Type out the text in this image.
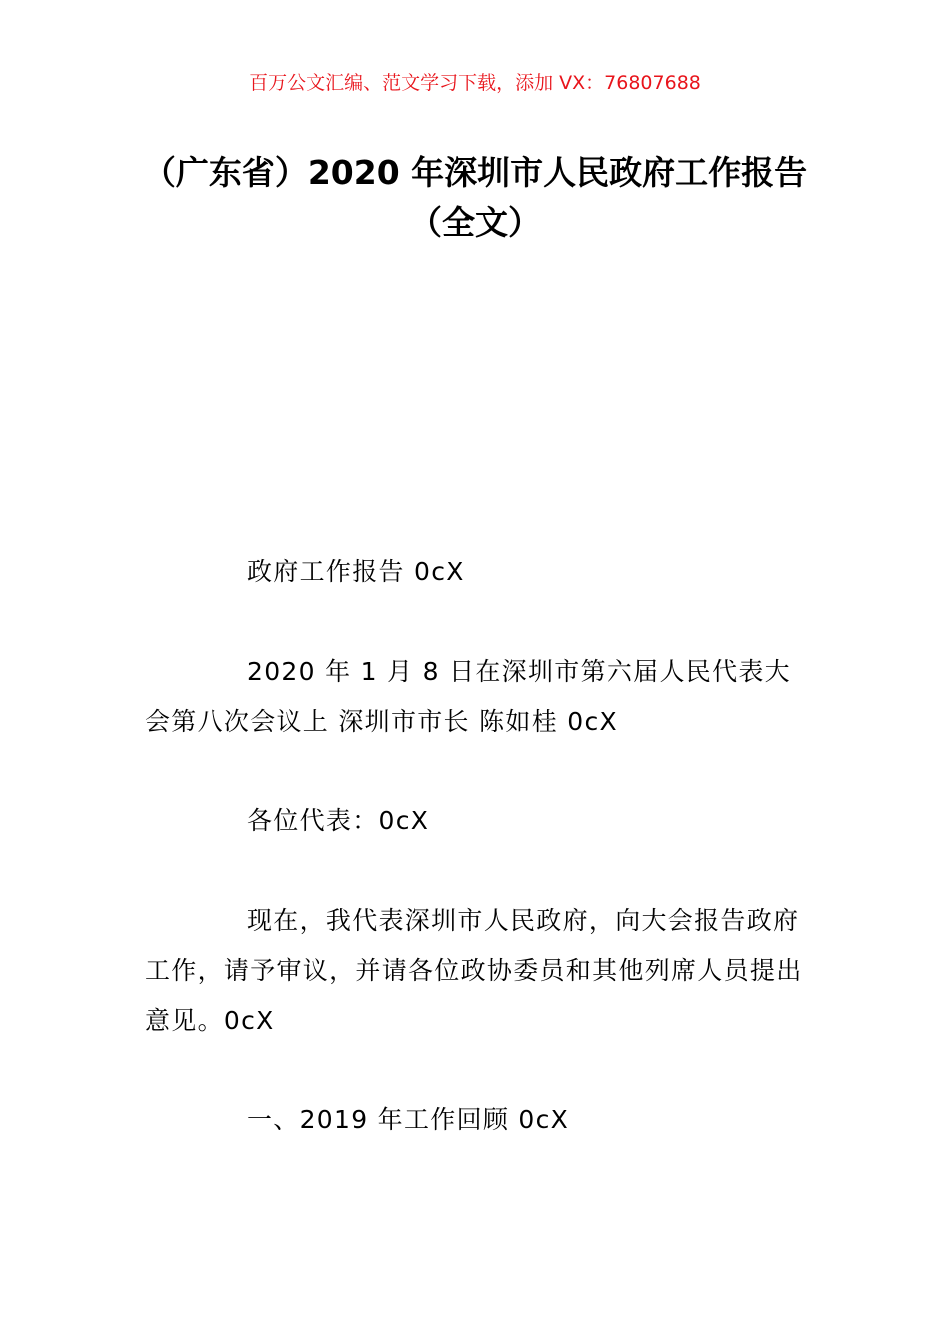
百万公文汇编、范文学习下载，添加 VX：76807688
（广东省）2020 年深圳市人民政府工作报告（全文）

政府工作报告 0cX

2020 年 1 月 8 日在深圳市第六届人民代表大会第八次会议上 深圳市市长 陈如桂 0cX

各位代表：0cX

现在，我代表深圳市人民政府，向大会报告政府工作，请予审议，并请各位政协委员和其他列席人员提出意见。0cX

一、2019 年工作回顾 0cX
